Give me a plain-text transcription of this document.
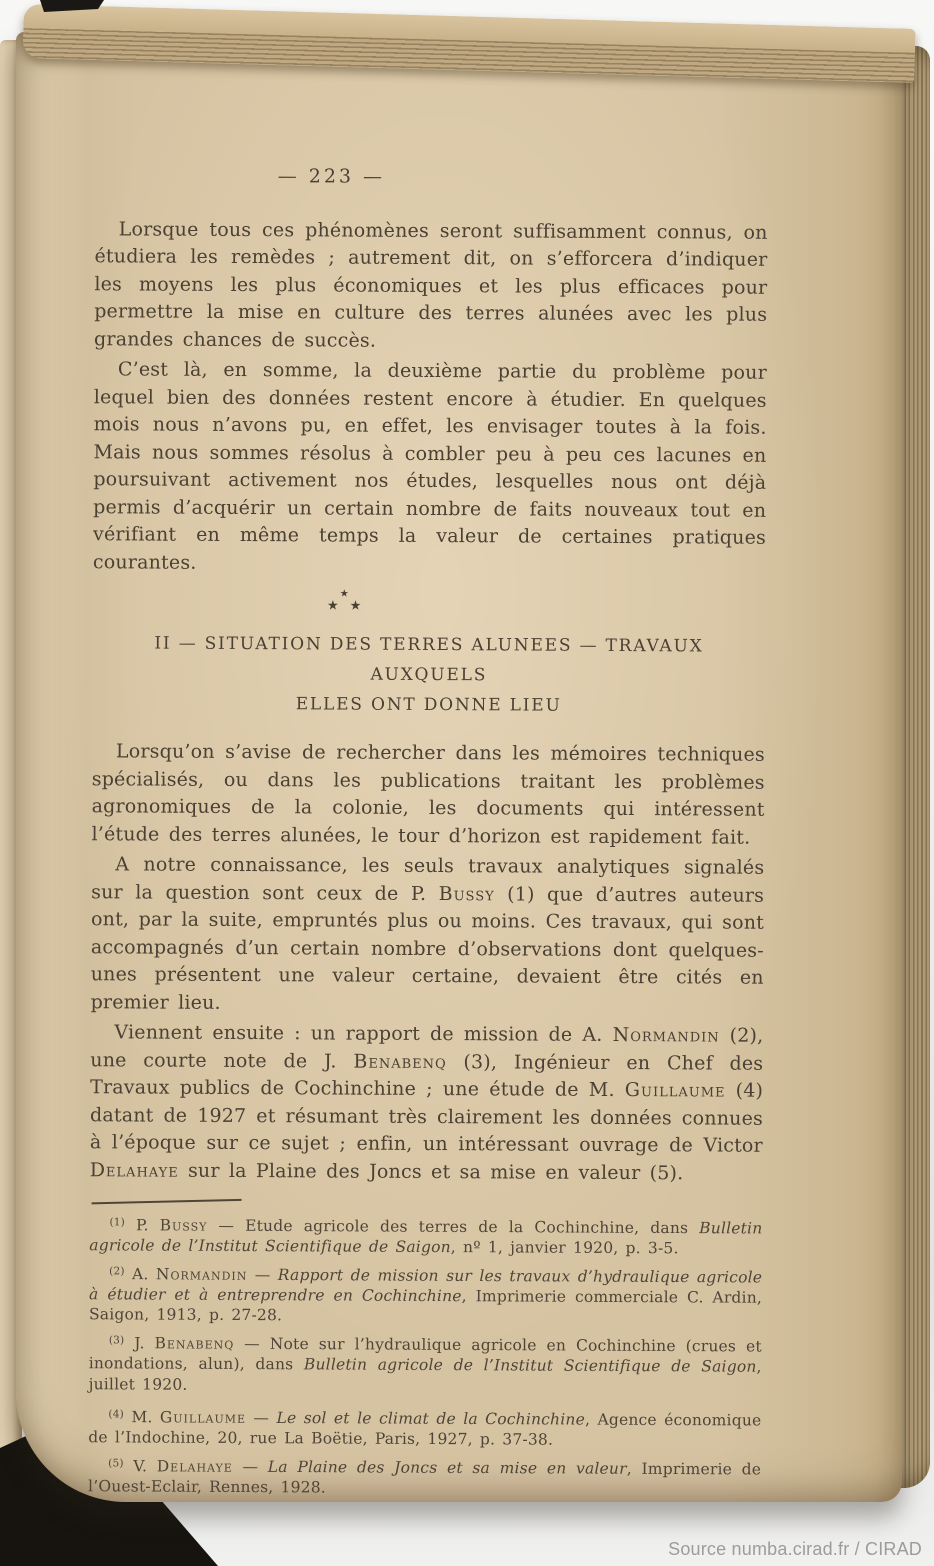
— 223 —

Lorsque tous ces phénomènes seront suffisamment connus, on étudiera les remèdes ; autrement dit, on s’efforcera d’indiquer les moyens les plus économiques et les plus efficaces pour permettre la mise en culture des terres alunées avec les plus grandes chances de succès.

C’est là, en somme, la deuxième partie du problème pour lequel bien des données restent encore à étudier. En quelques mois nous n’avons pu, en effet, les envisager toutes à la fois. Mais nous sommes résolus à combler peu à peu ces lacunes en poursuivant activement nos études, lesquelles nous ont déjà permis d’acquérir un certain nombre de faits nouveaux tout en vérifiant en même temps la valeur de certaines pratiques courantes.

★
★★
II — SITUATION DES TERRES ALUNEES — TRAVAUX AUXQUELS
ELLES ONT DONNE LIEU

Lorsqu’on s’avise de rechercher dans les mémoires techniques spécialisés, ou dans les publications traitant les problèmes agronomiques de la colonie, les documents qui intéressent l’étude des terres alunées, le tour d’horizon est rapidement fait.

A notre connaissance, les seuls travaux analytiques signalés sur la question sont ceux de P. Bussy (1) que d’autres auteurs ont, par la suite, empruntés plus ou moins. Ces travaux, qui sont accompagnés d’un certain nombre d’observations dont quelques-unes présentent une valeur certaine, devaient être cités en premier lieu.

Viennent ensuite : un rapport de mission de A. Normandin (2), une courte note de J. Benabenq (3), Ingénieur en Chef des Travaux publics de Cochinchine ; une étude de M. Guillaume (4) datant de 1927 et résumant très clairement les données connues à l’époque sur ce sujet ; enfin, un intéressant ouvrage de Victor Delahaye sur la Plaine des Joncs et sa mise en valeur (5).

$^{(1)}$ P. Bussy — Etude agricole des terres de la Cochinchine, dans Bulletin agricole de l’Institut Scientifique de Saigon, nº 1, janvier 1920, p. 3-5.

$^{(2)}$ A. Normandin — Rapport de mission sur les travaux d’hydraulique agricole à étudier et à entreprendre en Cochinchine, Imprimerie commerciale C. Ardin, Saigon, 1913, p. 27-28.

$^{(3)}$ J. Benabenq — Note sur l’hydraulique agricole en Cochinchine (crues et inondations, alun), dans Bulletin agricole de l’Institut Scientifique de Saigon, juillet 1920.

$^{(4)}$ M. Guillaume — Le sol et le climat de la Cochinchine, Agence économique de l’Indochine, 20, rue La Boëtie, Paris, 1927, p. 37-38.

$^{(5)}$ V. Delahaye — La Plaine des Joncs et sa mise en valeur, Imprimerie de l’Ouest-Eclair, Rennes, 1928.

Source numba.cirad.fr / CIRAD
